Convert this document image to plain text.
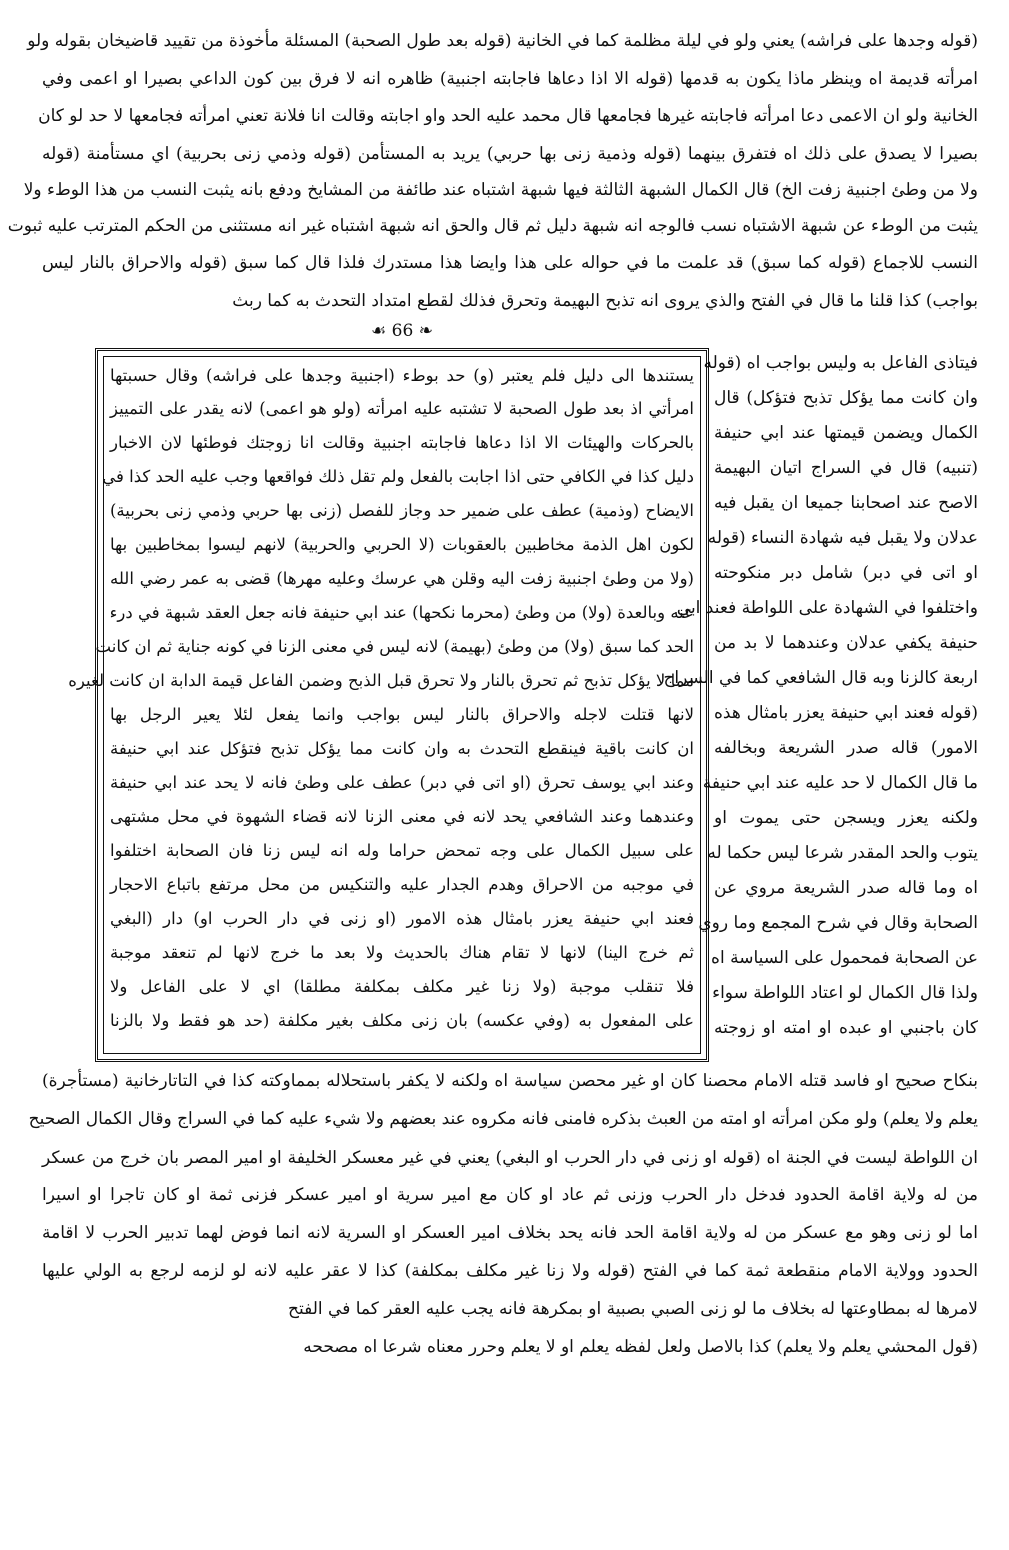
(قوله وجدها على فراشه) يعني ولو في ليلة مظلمة كما في الخانية (قوله بعد طول الصحبة) المسئلة مأخوذة من تقييد قاضيخان بقوله ولو
امرأته قديمة اه وينظر ماذا يكون به قدمها (قوله الا اذا دعاها فاجابته اجنبية) ظاهره انه لا فرق بين كون الداعي بصيرا او اعمى وفي
الخانية ولو ان الاعمى دعا امرأته فاجابته غيرها فجامعها قال محمد عليه الحد واو اجابته وقالت انا فلانة تعني امرأته فجامعها لا حد لو كان
بصيرا لا يصدق على ذلك اه فتفرق بينهما (قوله وذمية زنى بها حربي) يريد به المستأمن (قوله وذمي زنى بحربية) اي مستأمنة (قوله
ولا من وطئ اجنبية زفت الخ) قال الكمال الشبهة الثالثة فيها شبهة اشتباه عند طائفة من المشايخ ودفع بانه يثبت النسب من هذا الوطء ولا
يثبت من الوطء عن شبهة الاشتباه نسب فالوجه انه شبهة دليل ثم قال والحق انه شبهة اشتباه غير انه مستثنى من الحكم المترتب عليه ثبوت
النسب للاجماع (قوله كما سبق) قد علمت ما في حواله على هذا وايضا هذا مستدرك فلذا قال كما سبق (قوله والاحراق بالنار ليس
بواجب) كذا قلنا ما قال في الفتح والذي يروى انه تذبح البهيمة وتحرق فذلك لقطع امتداد التحدث به كما ربث
❧ 66 ☙
يستندها الى دليل فلم يعتبر (و) حد بوطء (اجنبية وجدها على فراشه) وقال حسبتها
امرأتي اذ بعد طول الصحبة لا تشتبه عليه امرأته (ولو هو اعمى) لانه يقدر على التمييز
بالحركات والهيئات الا اذا دعاها فاجابته اجنبية وقالت انا زوجتك فوطئها لان الاخبار
دليل كذا في الكافي حتى اذا اجابت بالفعل ولم تقل ذلك فواقعها وجب عليه الحد كذا في
الايضاح (وذمية) عطف على ضمير حد وجاز للفصل (زنى بها حربي وذمي زنى بحربية)
لكون اهل الذمة مخاطبين بالعقوبات (لا الحربي والحربية) لانهم ليسوا بمخاطبين بها
(ولا من وطئ اجنبية زفت اليه وقلن هي عرسك وعليه مهرها) قضى به عمر رضي الله
عنه وبالعدة (ولا) من وطئ (محرما نكحها) عند ابي حنيفة فانه جعل العقد شبهة في درء
الحد كما سبق (ولا) من وطئ (بهيمة) لانه ليس في معنى الزنا في كونه جناية ثم ان كانت
مما لا يؤكل تذبح ثم تحرق بالنار ولا تحرق قبل الذبح وضمن الفاعل قيمة الدابة ان كانت لغيره
لانها قتلت لاجله والاحراق بالنار ليس بواجب وانما يفعل لئلا يعير الرجل بها
ان كانت باقية فينقطع التحدث به وان كانت مما يؤكل تذبح فتؤكل عند ابي حنيفة
وعند ابي يوسف تحرق (او اتى في دبر) عطف على وطئ فانه لا يحد عند ابي حنيفة
وعندهما وعند الشافعي يحد لانه في معنى الزنا لانه قضاء الشهوة في محل مشتهى
على سبيل الكمال على وجه تمحض حراما وله انه ليس زنا فان الصحابة اختلفوا
في موجبه من الاحراق وهدم الجدار عليه والتنكيس من محل مرتفع باتباع الاحجار
فعند ابي حنيفة يعزر بامثال هذه الامور (او زنى في دار الحرب او) دار (البغي
ثم خرج الينا) لانها لا تقام هناك بالحديث ولا بعد ما خرج لانها لم تنعقد موجبة
فلا تنقلب موجبة (ولا زنا غير مكلف بمكلفة مطلقا) اي لا على الفاعل ولا
على المفعول به (وفي عكسه) بان زنى مكلف بغير مكلفة (حد هو فقط ولا بالزنا
فيتاذى الفاعل به وليس بواجب اه (قوله
وان كانت مما يؤكل تذبح فتؤكل) قال
الكمال ويضمن قيمتها عند ابي حنيفة
(تنبيه) قال في السراج اتيان البهيمة
الاصح عند اصحابنا جميعا ان يقبل فيه
عدلان ولا يقبل فيه شهادة النساء (قوله
او اتى في دبر) شامل دبر منكوحته
واختلفوا في الشهادة على اللواطة فعند ابي
حنيفة يكفي عدلان وعندهما لا بد من
اربعة كالزنا وبه قال الشافعي كما في السراج
(قوله فعند ابي حنيفة يعزر بامثال هذه
الامور) قاله صدر الشريعة وبخالفه
ما قال الكمال لا حد عليه عند ابي حنيفة
ولكنه يعزر ويسجن حتى يموت او
يتوب والحد المقدر شرعا ليس حكما له
اه وما قاله صدر الشريعة مروي عن
الصحابة وقال في شرح المجمع وما روي
عن الصحابة فمحمول على السياسة اه
ولذا قال الكمال لو اعتاد اللواطة سواء
كان باجنبي او عبده او امته او زوجته
بنكاح صحيح او فاسد قتله الامام محصنا كان او غير محصن سياسة اه ولكنه لا يكفر باستحلاله بمماوكته كذا في التاتارخانية (مستأجرة)
يعلم ولا يعلم) ولو مكن امرأته او امته من العبث بذكره فامنى فانه مكروه عند بعضهم ولا شيء عليه كما في السراج وقال الكمال الصحيح
ان اللواطة ليست في الجنة اه (قوله او زنى في دار الحرب او البغي) يعني في غير معسكر الخليفة او امير المصر بان خرج من عسكر
من له ولاية اقامة الحدود فدخل دار الحرب وزنى ثم عاد او كان مع امير سرية او امير عسكر فزنى ثمة او كان تاجرا او اسيرا
اما لو زنى وهو مع عسكر من له ولاية اقامة الحد فانه يحد بخلاف امير العسكر او السرية لانه انما فوض لهما تدبير الحرب لا اقامة
الحدود وولاية الامام منقطعة ثمة كما في الفتح (قوله ولا زنا غير مكلف بمكلفة) كذا لا عقر عليه لانه لو لزمه لرجع به الولي عليها
لامرها له بمطاوعتها له بخلاف ما لو زنى الصبي بصبية او بمكرهة فانه يجب عليه العقر كما في الفتح
(قول المحشي يعلم ولا يعلم) كذا بالاصل ولعل لفظه يعلم او لا يعلم وحرر معناه شرعا اه مصححه
